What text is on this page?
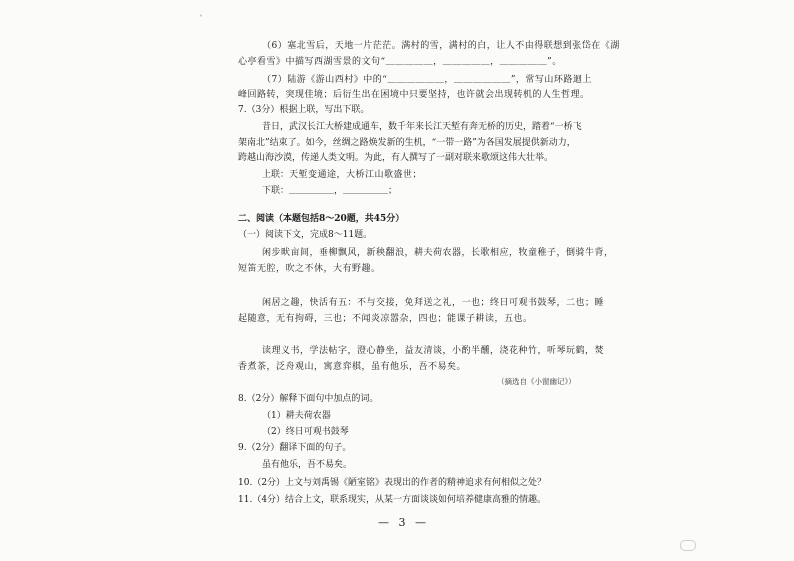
'
（6）塞北雪后，天地一片茫茫。满村的雪，满村的白，让人不由得联想到张岱在《湖
心亭看雪》中描写西湖雪景的文句“＿＿＿＿＿，＿＿＿＿＿，＿＿＿＿＿”。
（7）陆游《游山西村》中的“＿＿＿＿＿＿，＿＿＿＿＿＿”，常写山环路迴上
峰回路转，突现佳境；后衍生出在困境中只要坚持，也许就会出现转机的人生哲理。
7.（3分）根据上联，写出下联。
昔日，武汉长江大桥建成通车，数千年来长江天堑有奔无桥的历史，踏着“一桥飞
架南北”结束了。如今，丝绸之路焕发新的生机，“一带一路”为各国发展提供新动力，
跨越山海沙漠，传递人类文明。为此，有人撰写了一副对联来歌颂这伟大壮举。
上联：天堑变通途，大桥江山歌盛世；
下联：＿＿＿＿＿，＿＿＿＿＿；
二、阅读（本题包括8～20题，共45分）
（一）阅读下文，完成8～11题。
闲步畎亩间，垂柳飘风，新秧翻浪，耕夫荷农器，长歌相应，牧童稚子，倒骑牛背，
短笛无腔，吹之不休，大有野趣。
闲居之趣，快活有五：不与交接，免拜送之礼，一也；终日可观书鼓琴，二也；睡
起随意，无有拘碍，三也；不闻炎凉嚣杂，四也；能课子耕读，五也。
读理义书，学法帖字，澄心静坐，益友清谈，小酌半醺，浇花种竹，听琴玩鹤，焚
香煮茶，泛舟观山，寓意弈棋，虽有他乐，吾不易矣。
（摘选自《小窗幽记》）
8.（2分）解释下面句中加点的词。
（1）耕夫荷农器
（2）终日可观书鼓琴
9.（2分）翻译下面的句子。
虽有他乐，吾不易矣。
10.（2分）上文与刘禹锡《陋室铭》表现出的作者的精神追求有何相似之处？
11.（4分）结合上文，联系现实，从某一方面谈谈如何培养健康高雅的情趣。
— 3 —
